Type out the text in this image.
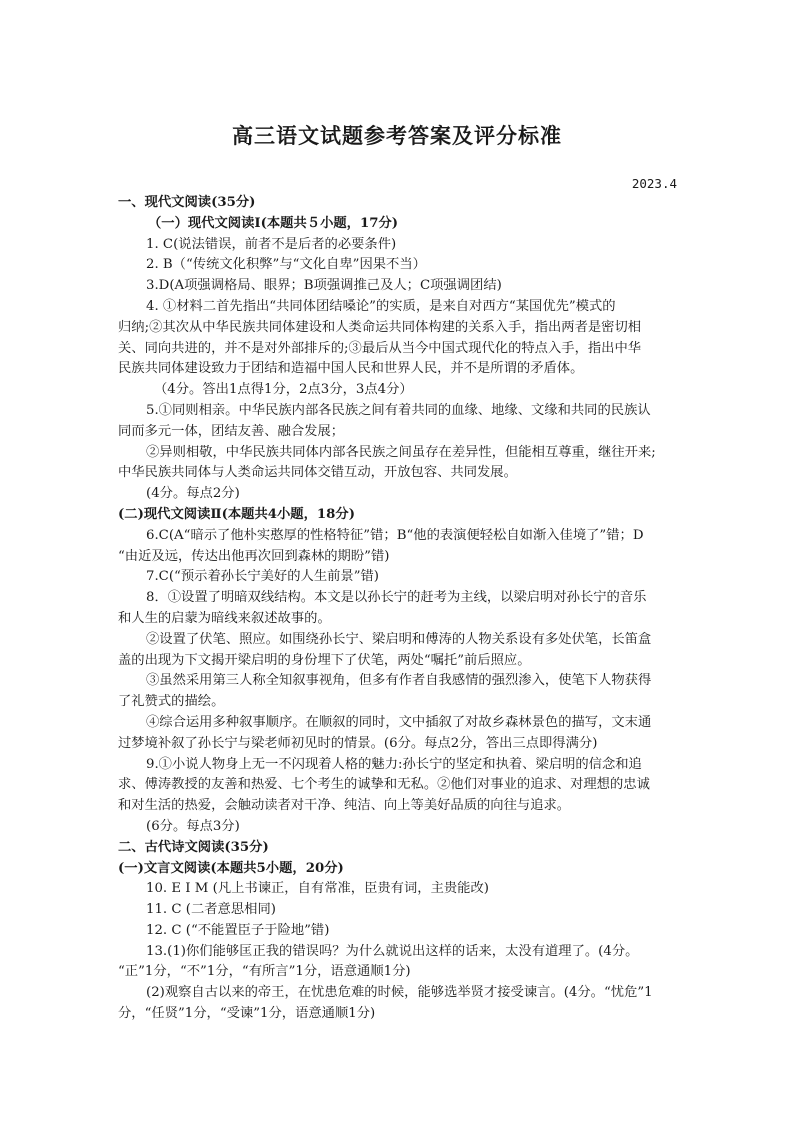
高三语文试题参考答案及评分标准
2023.4
一、现代文阅读(35分)
（一）现代文阅读Ⅰ(本题共５小题，17分)
1. C(说法错误，前者不是后者的必要条件)
2. B（“传统文化积弊”与“文化自卑”因果不当）
3.D(A项强调格局、眼界；B项强调推己及人；C项强调团结)
4. ①材料二首先指出“共同体团结嗓论”的实质，是来自对西方“某国优先”模式的
归纳;②其次从中华民族共同体建设和人类命运共同体构建的关系入手，指出两者是密切相
关、同向共进的，并不是对外部排斥的;③最后从当今中国式现代化的特点入手，指出中华
民族共同体建设致力于团结和造福中国人民和世界人民，并不是所谓的矛盾体。
（4分。答出1点得1分，2点3分，3点4分）
5.①同则相亲。中华民族内部各民族之间有着共同的血缘、地缘、文缘和共同的民族认
同而多元一体，团结友善、融合发展；
②异则相敬，中华民族共同体内部各民族之间虽存在差异性，但能相互尊重，继往开来;
中华民族共同体与人类命运共同体交错互动，开放包容、共同发展。
(4分。每点2分)
(二)现代文阅读Ⅱ(本题共4小题，18分)
6.C(A“暗示了他朴实憨厚的性格特征”错；B“他的表演便轻松自如渐入佳境了”错；D
“由近及远，传达出他再次回到森林的期盼”错)
7.C(“预示着孙长宁美好的人生前景”错)
8．①设置了明暗双线结构。本文是以孙长宁的赶考为主线，以梁启明对孙长宁的音乐
和人生的启蒙为暗线来叙述故事的。
②设置了伏笔、照应。如围绕孙长宁、梁启明和傅涛的人物关系设有多处伏笔，长笛盒
盖的出现为下文揭开梁启明的身份埋下了伏笔，两处“嘱托”前后照应。
③虽然采用第三人称全知叙事视角，但多有作者自我感情的强烈渗入，使笔下人物获得
了礼赞式的描绘。
④综合运用多种叙事顺序。在顺叙的同时，文中插叙了对故乡森林景色的描写，文末通
过梦境补叙了孙长宁与梁老师初见时的情景。(6分。每点2分，答出三点即得满分)
9.①小说人物身上无一不闪现着人格的魅力:孙长宁的坚定和执着、梁启明的信念和追
求、傅涛教授的友善和热爱、七个考生的诚挚和无私。②他们对事业的追求、对理想的忠诚
和对生活的热爱，会触动读者对干净、纯洁、向上等美好品质的向往与追求。
(6分。每点3分)
二、古代诗文阅读(35分)
(一)文言文阅读(本题共5小题，20分)
10. E I M (凡上书谏正，自有常准，臣贵有词，主贵能改)
11. C (二者意思相同)
12. C (“不能置臣子于险地”错)
13.(1)你们能够匡正我的错误吗？为什么就说出这样的话来，太没有道理了。(4分。
“正”1分，“不”1分，“有所言”1分，语意通顺1分)
(2)观察自古以来的帝王，在忧患危难的时候，能够选举贤才接受谏言。(4分。“忧危”1
分，“任贤”1分，“受谏”1分，语意通顺1分)
